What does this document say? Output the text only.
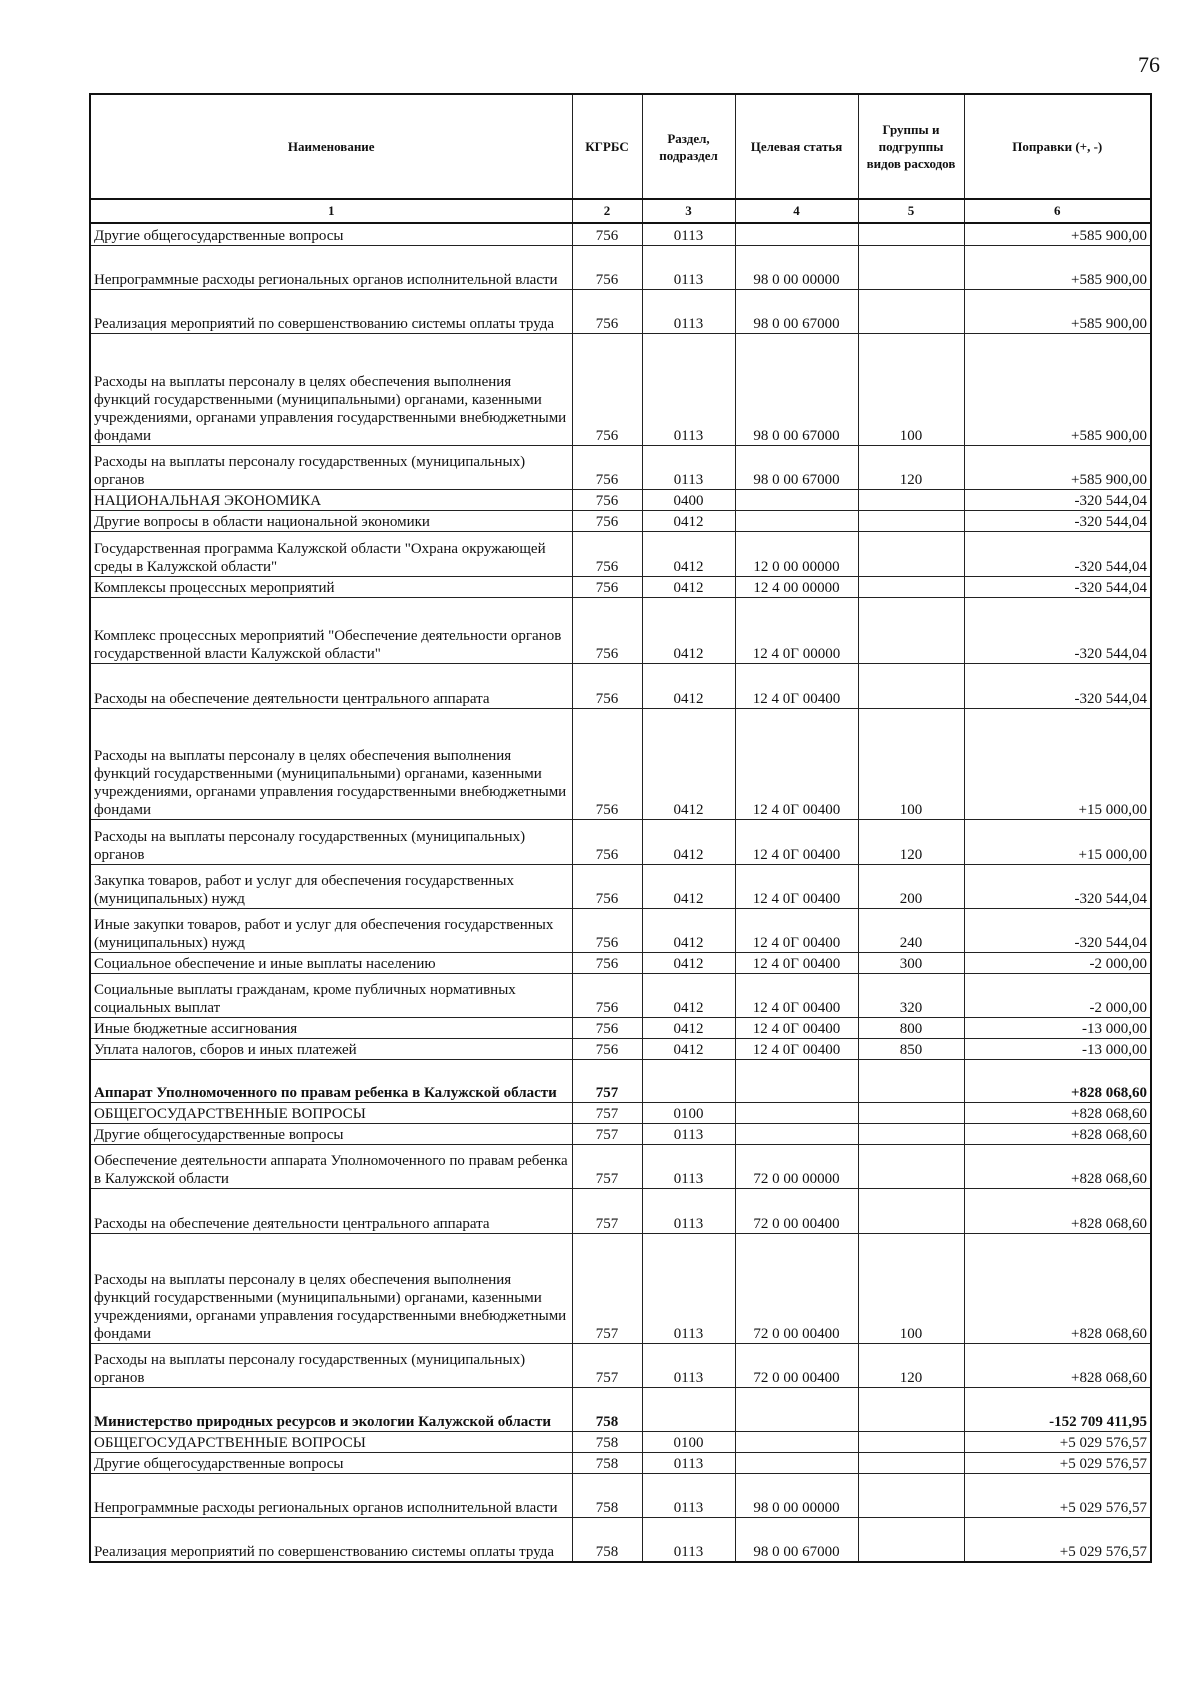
76
Наименование	КГРБС	Раздел, подраздел	Целевая статья	Группы и подгруппы видов расходов	Поправки (+, -)
1	2	3	4	5	6
Другие общегосударственные вопросы	756	0113			+585 900,00
Непрограммные расходы региональных органов исполнительной власти	756	0113	98 0 00 00000		+585 900,00
Реализация мероприятий по совершенствованию системы оплаты труда	756	0113	98 0 00 67000		+585 900,00
Расходы на выплаты персоналу в целях обеспечения выполнения функций государственными (муниципальными) органами, казенными учреждениями, органами управления государственными внебюджетными фондами	756	0113	98 0 00 67000	100	+585 900,00
Расходы на выплаты персоналу государственных (муниципальных) органов	756	0113	98 0 00 67000	120	+585 900,00
НАЦИОНАЛЬНАЯ ЭКОНОМИКА	756	0400			-320 544,04
Другие вопросы в области национальной экономики	756	0412			-320 544,04
Государственная программа Калужской области "Охрана окружающей среды в Калужской области"	756	0412	12 0 00 00000		-320 544,04
Комплексы процессных мероприятий	756	0412	12 4 00 00000		-320 544,04
Комплекс процессных мероприятий "Обеспечение деятельности органов государственной власти Калужской области"	756	0412	12 4 0Г 00000		-320 544,04
Расходы на обеспечение деятельности центрального аппарата	756	0412	12 4 0Г 00400		-320 544,04
Расходы на выплаты персоналу в целях обеспечения выполнения функций государственными (муниципальными) органами, казенными учреждениями, органами управления государственными внебюджетными фондами	756	0412	12 4 0Г 00400	100	+15 000,00
Расходы на выплаты персоналу государственных (муниципальных) органов	756	0412	12 4 0Г 00400	120	+15 000,00
Закупка товаров, работ и услуг для обеспечения государственных (муниципальных) нужд	756	0412	12 4 0Г 00400	200	-320 544,04
Иные закупки товаров, работ и услуг для обеспечения государственных (муниципальных) нужд	756	0412	12 4 0Г 00400	240	-320 544,04
Социальное обеспечение и иные выплаты населению	756	0412	12 4 0Г 00400	300	-2 000,00
Социальные выплаты гражданам, кроме публичных нормативных социальных выплат	756	0412	12 4 0Г 00400	320	-2 000,00
Иные бюджетные ассигнования	756	0412	12 4 0Г 00400	800	-13 000,00
Уплата налогов, сборов и иных платежей	756	0412	12 4 0Г 00400	850	-13 000,00
Аппарат Уполномоченного по правам ребенка в Калужской области	757				+828 068,60
ОБЩЕГОСУДАРСТВЕННЫЕ ВОПРОСЫ	757	0100			+828 068,60
Другие общегосударственные вопросы	757	0113			+828 068,60
Обеспечение деятельности аппарата Уполномоченного по правам ребенка в Калужской области	757	0113	72 0 00 00000		+828 068,60
Расходы на обеспечение деятельности центрального аппарата	757	0113	72 0 00 00400		+828 068,60
Расходы на выплаты персоналу в целях обеспечения выполнения функций государственными (муниципальными) органами, казенными учреждениями, органами управления государственными внебюджетными фондами	757	0113	72 0 00 00400	100	+828 068,60
Расходы на выплаты персоналу государственных (муниципальных) органов	757	0113	72 0 00 00400	120	+828 068,60
Министерство природных ресурсов и экологии Калужской области	758				-152 709 411,95
ОБЩЕГОСУДАРСТВЕННЫЕ ВОПРОСЫ	758	0100			+5 029 576,57
Другие общегосударственные вопросы	758	0113			+5 029 576,57
Непрограммные расходы региональных органов исполнительной власти	758	0113	98 0 00 00000		+5 029 576,57
Реализация мероприятий по совершенствованию системы оплаты труда	758	0113	98 0 00 67000		+5 029 576,57
